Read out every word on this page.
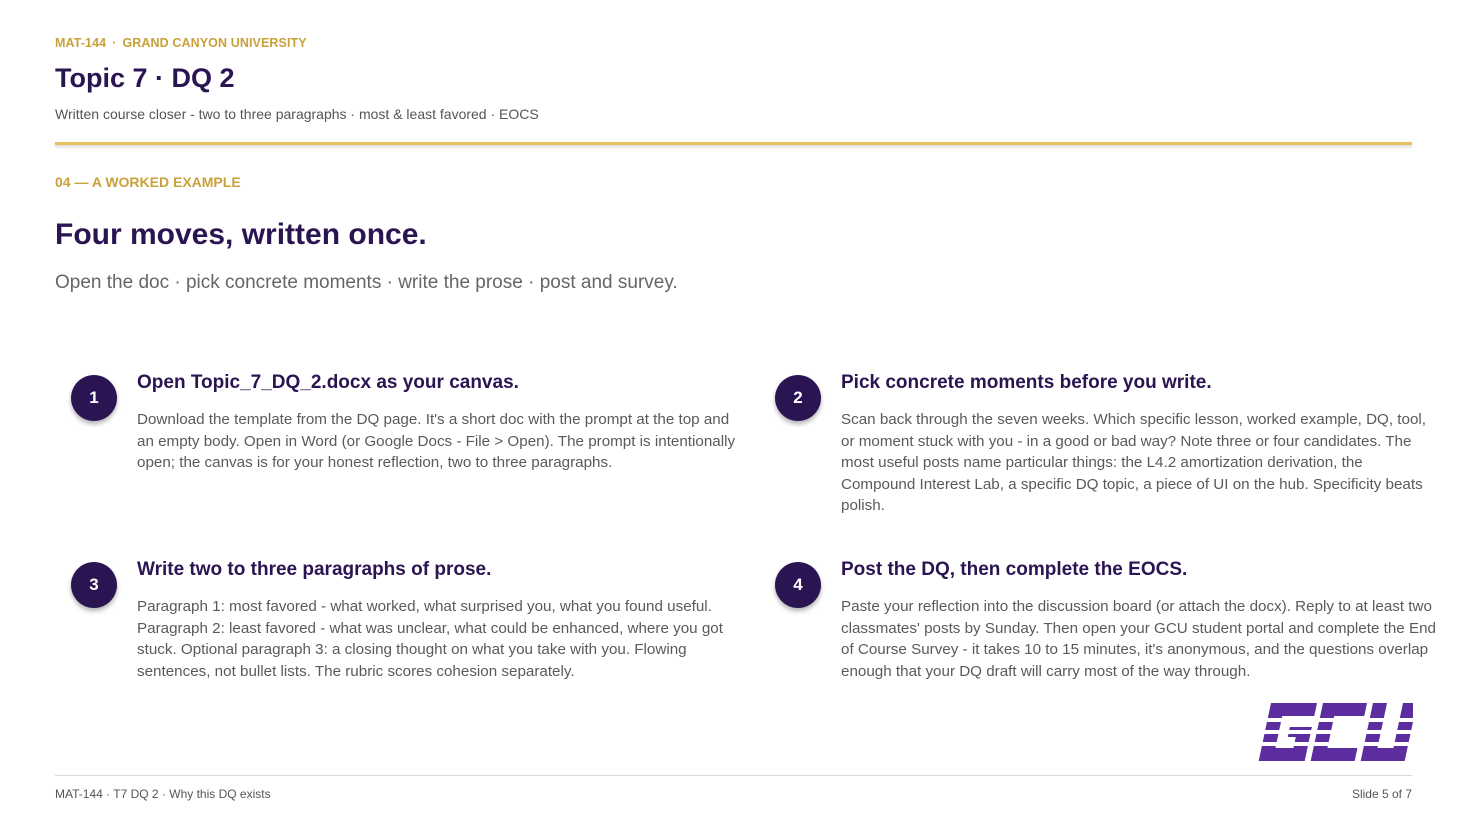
MAT-144 · GRAND CANYON UNIVERSITY
Topic 7 · DQ 2
Written course closer - two to three paragraphs · most & least favored · EOCS
04 — A WORKED EXAMPLE
Four moves, written once.
Open the doc · pick concrete moments · write the prose · post and survey.
1
Open Topic_7_DQ_2.docx as your canvas.

Download the template from the DQ page. It's a short doc with the prompt at the top and an empty body. Open in Word (or Google Docs - File > Open). The prompt is intentionally open; the canvas is for your honest reflection, two to three paragraphs.

2
Pick concrete moments before you write.

Scan back through the seven weeks. Which specific lesson, worked example, DQ, tool, or moment stuck with you - in a good or bad way? Note three or four candidates. The most useful posts name particular things: the L4.2 amortization derivation, the Compound Interest Lab, a specific DQ topic, a piece of UI on the hub. Specificity beats polish.

3
Write two to three paragraphs of prose.

Paragraph 1: most favored - what worked, what surprised you, what you found useful. Paragraph 2: least favored - what was unclear, what could be enhanced, where you got stuck. Optional paragraph 3: a closing thought on what you take with you. Flowing sentences, not bullet lists. The rubric scores cohesion separately.

4
Post the DQ, then complete the EOCS.

Paste your reflection into the discussion board (or attach the docx). Reply to at least two classmates' posts by Sunday. Then open your GCU student portal and complete the End of Course Survey - it takes 10 to 15 minutes, it's anonymous, and the questions overlap enough that your DQ draft will carry most of the way through.

MAT-144 · T7 DQ 2 · Why this DQ exists	Slide 5 of 7
